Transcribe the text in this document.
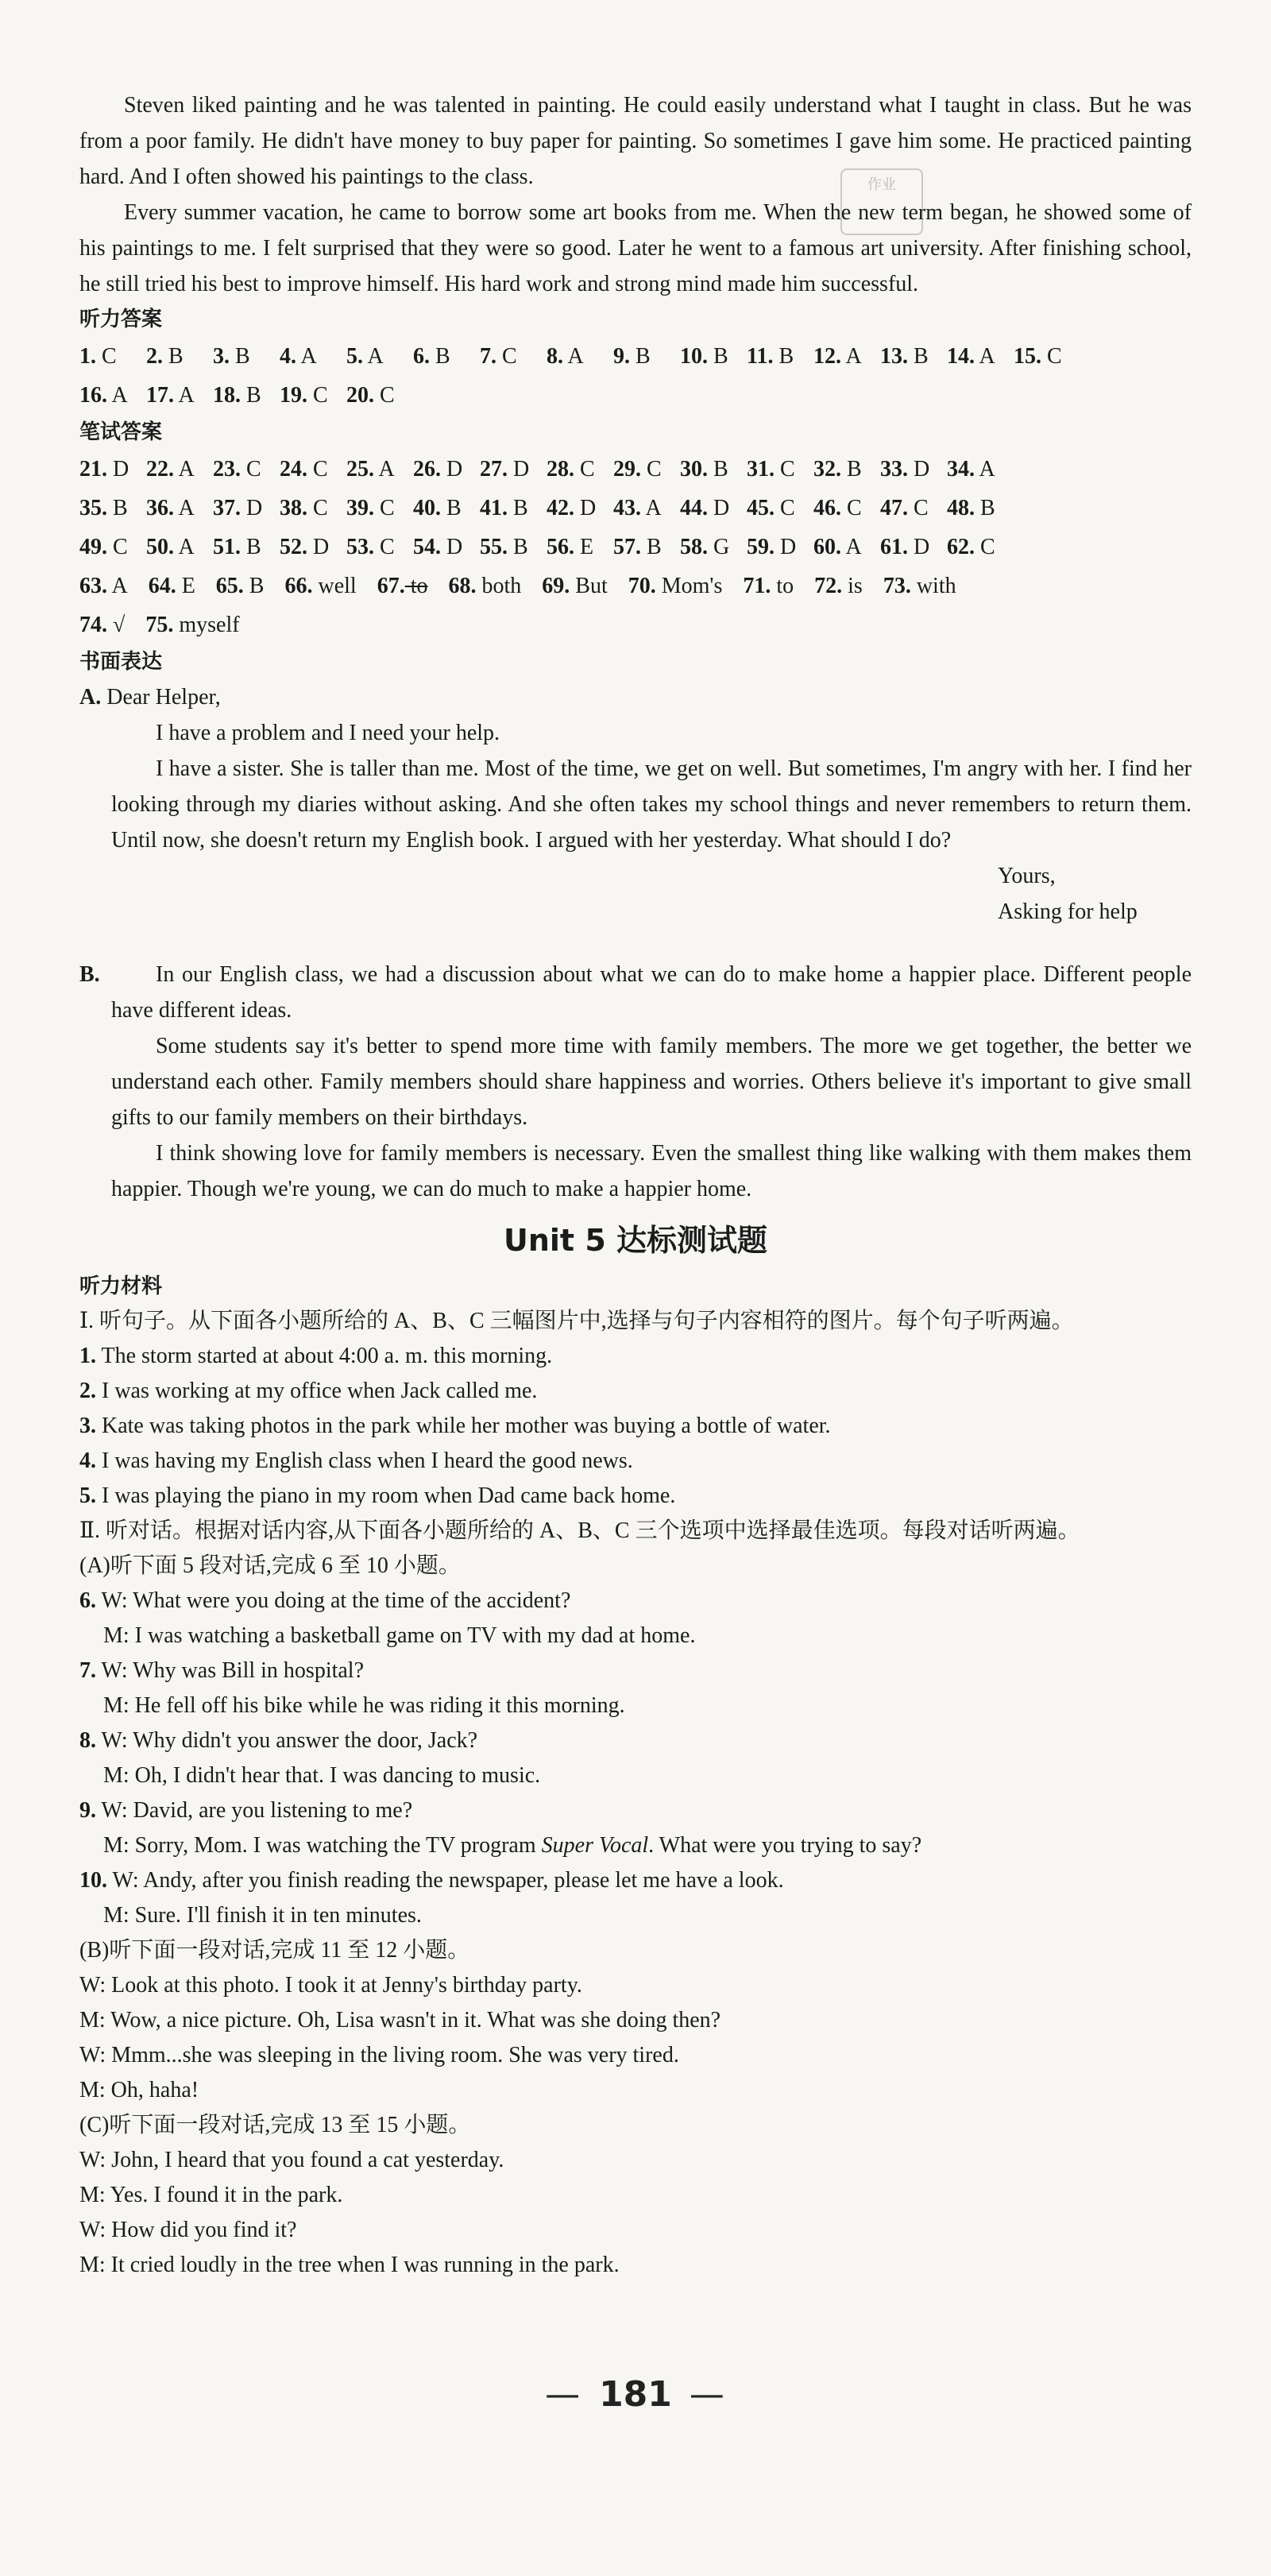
作业

Steven liked painting and he was talented in painting. He could easily understand what I taught in class. But he was from a poor family. He didn't have money to buy paper for painting. So sometimes I gave him some. He practiced painting hard. And I often showed his paintings to the class.

Every summer vacation, he came to borrow some art books from me. When the new term began, he showed some of his paintings to me. I felt surprised that they were so good. Later he went to a famous art university. After finishing school, he still tried his best to improve himself. His hard work and strong mind made him successful.

听力答案

1. C	2. B	3. B	4. A	5. A	6. B	7. C	8. A	9. B	10. B 11. B 12. A 13. B 14. A 15. C
16. A 17. A 18. B 19. C 20. C

笔试答案

21. D 22. A 23. C 24. C 25. A 26. D 27. D 28. C 29. C 30. B 31. C 32. B 33. D 34. A
35. B 36. A 37. D 38. C 39. C 40. B 41. B 42. D 43. A 44. D 45. C 46. C 47. C 48. B
49. C 50. A 51. B 52. D 53. C 54. D 55. B 56. E 57. B 58. G 59. D 60. A 61. D 62. C
63. A 64. E 65. B 66. well 67. to 68. both 69. But 70. Mom's 71. to 72. is 73. with
74. √ 75. myself

书面表达

A. Dear Helper,

I have a problem and I need your help.

I have a sister. She is taller than me. Most of the time, we get on well. But sometimes, I'm angry with her. I find her looking through my diaries without asking. And she often takes my school things and never remembers to return them. Until now, she doesn't return my English book. I argued with her yesterday. What should I do?

Yours,

Asking for help

B.	In our English class, we had a discussion about what we can do to make home a happier place. Different people have different ideas.

Some students say it's better to spend more time with family members. The more we get together, the better we understand each other. Family members should share happiness and worries. Others believe it's important to give small gifts to our family members on their birthdays.

I think showing love for family members is necessary. Even the smallest thing like walking with them makes them happier. Though we're young, we can do much to make a happier home.

Unit 5 达标测试题

听力材料

Ⅰ. 听句子。从下面各小题所给的 A、B、C 三幅图片中,选择与句子内容相符的图片。每个句子听两遍。

1. The storm started at about 4:00 a. m. this morning.

2. I was working at my office when Jack called me.

3. Kate was taking photos in the park while her mother was buying a bottle of water.

4. I was having my English class when I heard the good news.

5. I was playing the piano in my room when Dad came back home.

Ⅱ. 听对话。根据对话内容,从下面各小题所给的 A、B、C 三个选项中选择最佳选项。每段对话听两遍。

(A)听下面 5 段对话,完成 6 至 10 小题。

6. W: What were you doing at the time of the accident?

M: I was watching a basketball game on TV with my dad at home.

7. W: Why was Bill in hospital?

M: He fell off his bike while he was riding it this morning.

8. W: Why didn't you answer the door, Jack?

M: Oh, I didn't hear that. I was dancing to music.

9. W: David, are you listening to me?

M: Sorry, Mom. I was watching the TV program Super Vocal. What were you trying to say?

10. W: Andy, after you finish reading the newspaper, please let me have a look.

M: Sure. I'll finish it in ten minutes.

(B)听下面一段对话,完成 11 至 12 小题。

W: Look at this photo. I took it at Jenny's birthday party.

M: Wow, a nice picture. Oh, Lisa wasn't in it. What was she doing then?

W: Mmm...she was sleeping in the living room. She was very tired.

M: Oh, haha!

(C)听下面一段对话,完成 13 至 15 小题。

W: John, I heard that you found a cat yesterday.

M: Yes. I found it in the park.

W: How did you find it?

M: It cried loudly in the tree when I was running in the park.

— 181 —
